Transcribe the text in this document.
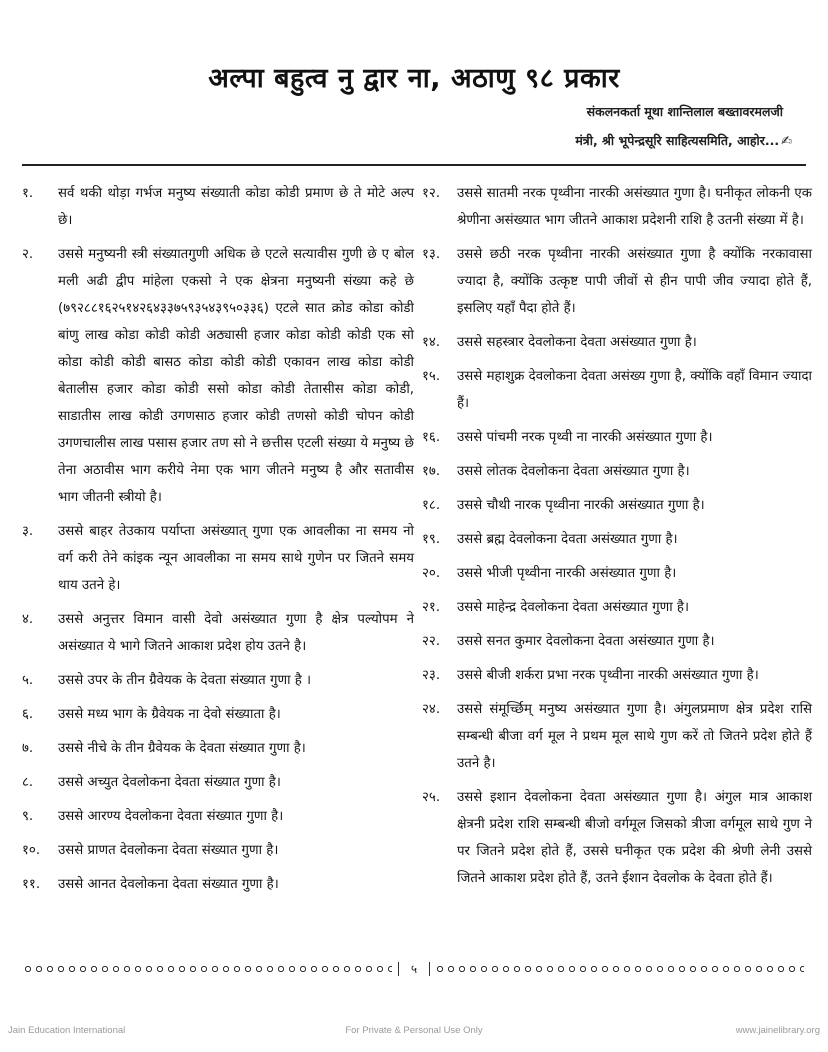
अल्पा बहुत्व नु द्वार ना, अठाणु ९८ प्रकार
संकलनकर्ता मूथा शान्तिलाल बख्तावरमलजी
मंत्री, श्री भूपेन्द्रसूरि साहित्यसमिति, आहोर... ✍
१.	सर्व थकी थोड़ा गर्भज मनुष्य संख्याती कोडा कोडी प्रमाण छे ते मोटे अल्प छे।
२.	उससे मनुष्यनी स्त्री संख्यातगुणी अधिक छे एटले सत्यावीस गुणी छे ए बोल मली अढी द्वीप मांहेला एकसो ने एक क्षेत्रना मनुष्यनी संख्या कहे छे (७९२८८१६२५१४२६४३३७५९३५४३९५०३३६) एटले सात क्रोड कोडा कोडी बांणु लाख कोडा कोडी कोडी अठ्यासी हजार कोडा कोडी कोडी एक सो कोडा कोडी कोडी बासठ कोडा कोडी कोडी एकावन लाख कोडा कोडी बेतालीस हजार कोडा कोडी ससो कोडा कोडी तेतासीस कोडा कोडी, साडातीस लाख कोडी उगणसाठ हजार कोडी तणसो कोडी चोपन कोडी उगणचालीस लाख पसास हजार तण सो ने छत्तीस एटली संख्या ये मनुष्य छे तेना अठावीस भाग करीये नेमा एक भाग जीतने मनुष्य है और सतावीस भाग जीतनी स्त्रीयो है।
३.	उससे बाहर तेउकाय पर्याप्ता असंख्यात् गुणा एक आवलीका ना समय नो वर्ग करी तेने कांइक न्यून आवलीका ना समय साथे गुणेन पर जितने समय थाय उतने हे।
४.	उससे अनुत्तर विमान वासी देवो असंख्यात गुणा है क्षेत्र पल्योपम ने असंख्यात ये भागे जितने आकाश प्रदेश होय उतने है।
५.	उससे उपर के तीन ग्रैवेयक के देवता संख्यात गुणा है ।
६.	उससे मध्य भाग के ग्रैवेयक ना देवो संख्याता है।
७.	उससे नीचे के तीन ग्रैवेयक के देवता संख्यात गुणा है।
८.	उससे अच्युत देवलोकना देवता संख्यात गुणा है।
९.	उससे आरण्य देवलोकना देवता संख्यात गुणा है।
१०.	उससे प्राणत देवलोकना देवता संख्यात गुणा है।
११.	उससे आनत देवलोकना देवता संख्यात गुणा है।
१२.	उससे सातमी नरक पृथ्वीना नारकी असंख्यात गुणा है। घनीकृत लोकनी एक श्रेणीना असंख्यात भाग जीतने आकाश प्रदेशनी राशि है उतनी संख्या में है।
१३.	उससे छठी नरक पृथ्वीना नारकी असंख्यात गुणा है क्योंकि नरकावासा ज्यादा है, क्योंकि उत्कृष्ट पापी जीवों से हीन पापी जीव ज्यादा होते हैं, इसलिए यहाँ पैदा होते हैं।
१४.	उससे सहस्त्रार देवलोकना देवता असंख्यात गुणा है।
१५.	उससे महाशुक्र देवलोकना देवता असंख्य गुणा है, क्योंकि वहाँ विमान ज्यादा हैं।
१६.	उससे पांचमी नरक पृथ्वी ना नारकी असंख्यात गुणा है।
१७.	उससे लोतक देवलोकना देवता असंख्यात गुणा है।
१८.	उससे चौथी नारक पृथ्वीना नारकी असंख्यात गुणा है।
१९.	उससे ब्रह्म देवलोकना देवता असंख्यात गुणा है।
२०.	उससे भीजी पृथ्वीना नारकी असंख्यात गुणा है।
२१.	उससे माहेन्द्र देवलोकना देवता असंख्यात गुणा है।
२२.	उससे सनत कुमार देवलोकना देवता असंख्यात गुणा है।
२३.	उससे बीजी शर्करा प्रभा नरक पृथ्वीना नारकी असंख्यात गुणा है।
२४.	उससे संमूर्च्छिम् मनुष्य असंख्यात गुणा है। अंगुलप्रमाण क्षेत्र प्रदेश रासि सम्बन्धी बीजा वर्ग मूल ने प्रथम मूल साथे गुण करें तो जितने प्रदेश होते हैं उतने है।
२५.	उससे इशान देवलोकना देवता असंख्यात गुणा है। अंगुल मात्र आकाश क्षेत्रनी प्रदेश राशि सम्बन्धी बीजो वर्गमूल जिसको त्रीजा वर्गमूल साथे गुण ने पर जितने प्रदेश होते हैं, उससे घनीकृत एक प्रदेश की श्रेणी लेनी उससे जितने आकाश प्रदेश होते हैं, उतने ईशान देवलोक के देवता होते हैं।
५
Jain Education International	For Private & Personal Use Only	www.jainelibrary.org
